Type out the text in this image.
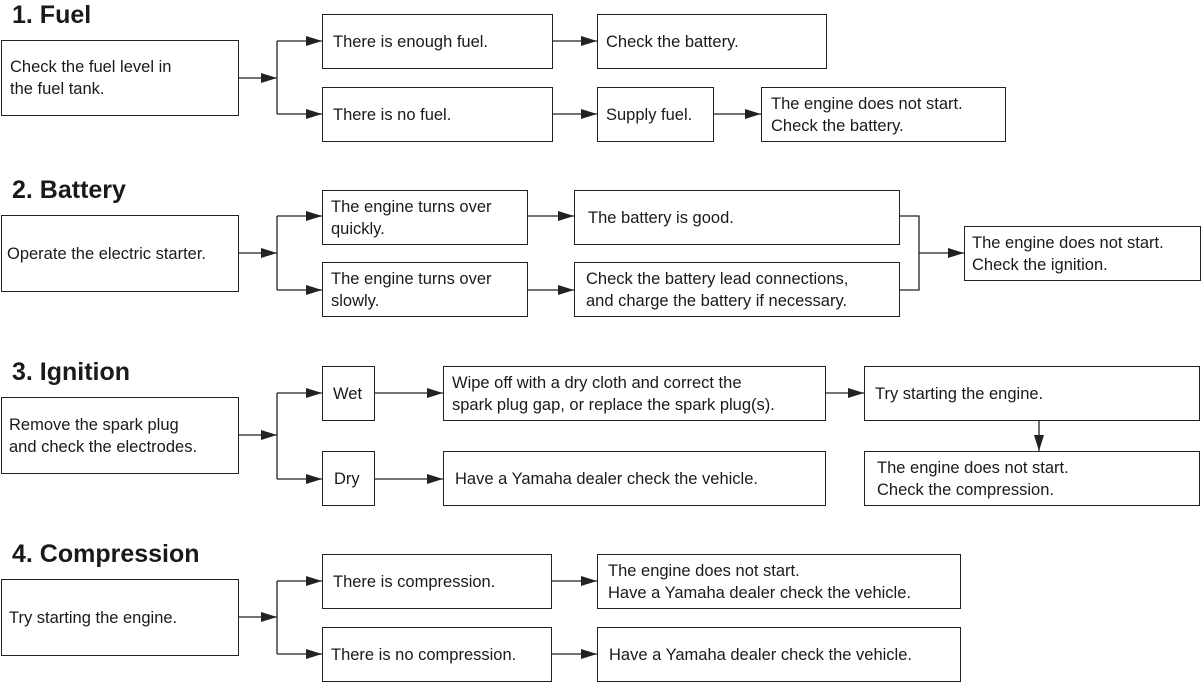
1. Fuel
2. Battery
3. Ignition
4. Compression
Check the fuel level in
the fuel tank.
There is enough fuel.	Check the battery.
There is no fuel.	Supply fuel.
The engine does not start.
Check the battery.
Operate the electric starter.
The engine turns over
quickly.
The battery is good.
The engine turns over
slowly.
Check the battery lead connections,
and charge the battery if necessary.
The engine does not start.
Check the ignition.
Remove the spark plug
and check the electrodes.
Wet
Wipe off with a dry cloth and correct the
spark plug gap, or replace the spark plug(s).
Try starting the engine.
The engine does not start.
Check the compression.
Dry	Have a Yamaha dealer check the vehicle.
Try starting the engine.
There is compression.
The engine does not start.
Have a Yamaha dealer check the vehicle.
There is no compression.	Have a Yamaha dealer check the vehicle.
